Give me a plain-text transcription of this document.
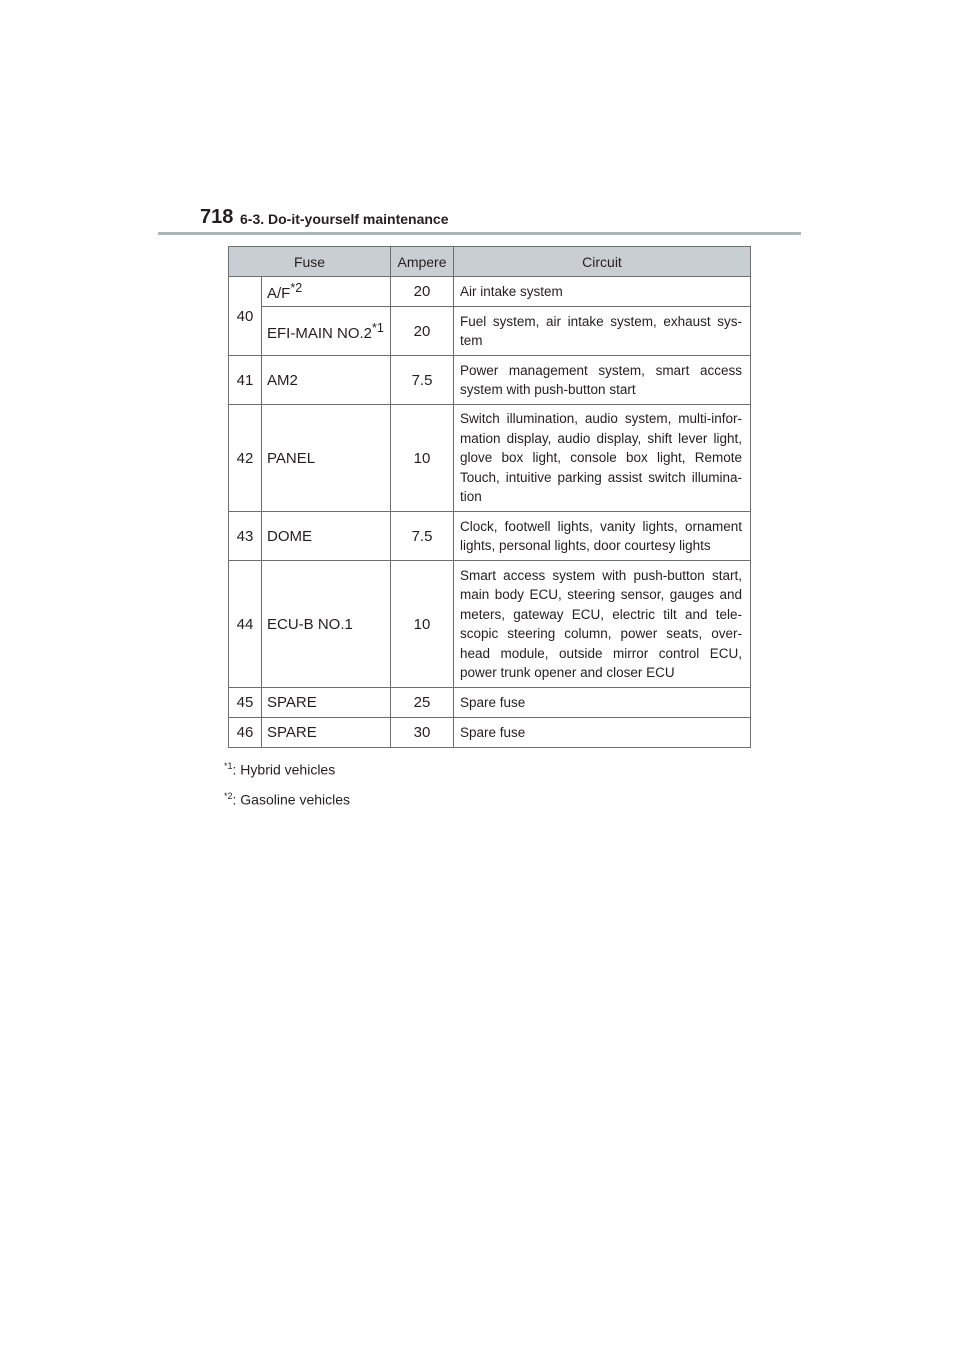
718 6-3. Do-it-yourself maintenance
Fuse		Ampere	Circuit
40	$A/F^{*2}$	20	Air intake system
	EFI-MAIN NO.2$^{*1}$	20	Fuel system, air intake system, exhaust sys-tem
41	AM2	7.5	Power management system, smart access system with push-button start
42	PANEL	10	Switch illumination, audio system, multi-infor-mation display, audio display, shift lever light, glove box light, console box light, Remote Touch, intuitive parking assist switch illumina-tion
43	DOME	7.5	Clock, footwell lights, vanity lights, ornament lights, personal lights, door courtesy lights
44	ECU-B NO.1	10	Smart access system with push-button start, main body ECU, steering sensor, gauges and meters, gateway ECU, electric tilt and tele-scopic steering column, power seats, over-head module, outside mirror control ECU, power trunk opener and closer ECU
45	SPARE	25	Spare fuse
46	SPARE	30	Spare fuse
$^{*1}$: Hybrid vehicles
$^{*2}$: Gasoline vehicles
